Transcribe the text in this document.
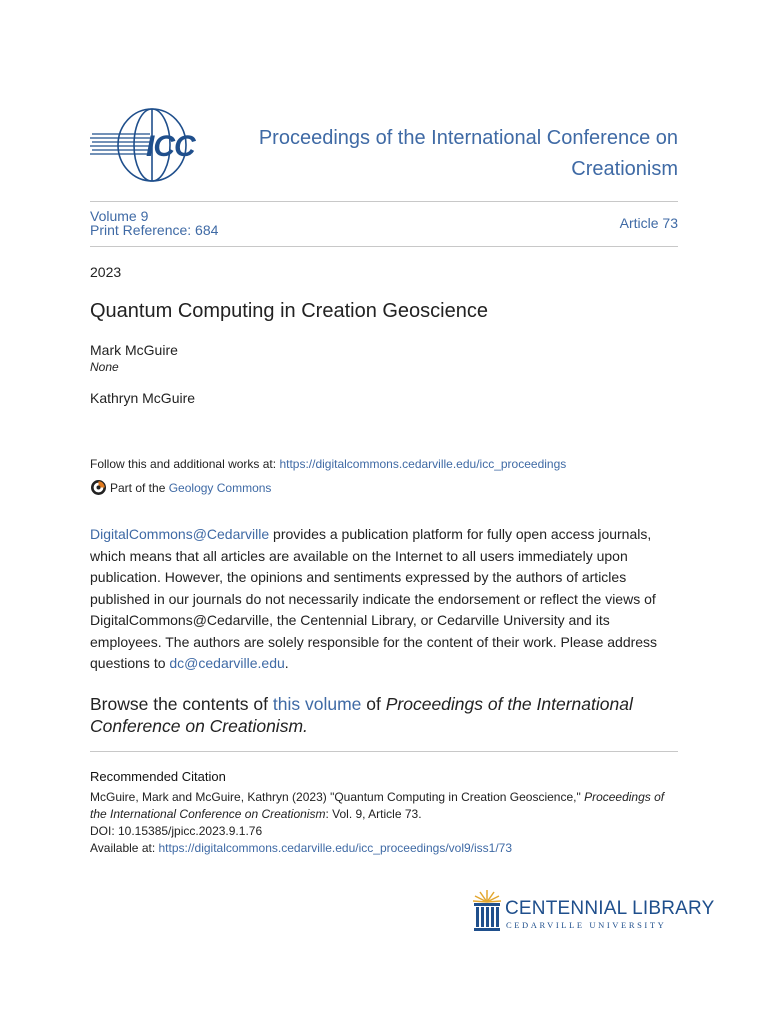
ICC	Proceedings of the International Conference on
Creationism
Volume 9
Print Reference: 684	Article 73
2023
Quantum Computing in Creation Geoscience
Mark McGuire
None
Kathryn McGuire
Follow this and additional works at: https://digitalcommons.cedarville.edu/icc_proceedings
Part of the
Geology Commons
DigitalCommons@Cedarville provides a publication platform for fully open access journals, which means that all articles are available on the Internet to all users immediately upon publication. However, the opinions and sentiments expressed by the authors of articles published in our journals do not necessarily indicate the endorsement or reflect the views of DigitalCommons@Cedarville, the Centennial Library, or Cedarville University and its employees. The authors are solely responsible for the content of their work. Please address questions to dc@cedarville.edu.
Browse the contents of this volume of Proceedings of the International Conference on Creationism.
Recommended Citation
McGuire, Mark and McGuire, Kathryn (2023) "Quantum Computing in Creation Geoscience," Proceedings of the International Conference on Creationism: Vol. 9, Article 73.
DOI: 10.15385/jpicc.2023.9.1.76
Available at: https://digitalcommons.cedarville.edu/icc_proceedings/vol9/iss1/73
CENTENNIAL LIBRARY
CEDARVILLE UNIVERSITY
